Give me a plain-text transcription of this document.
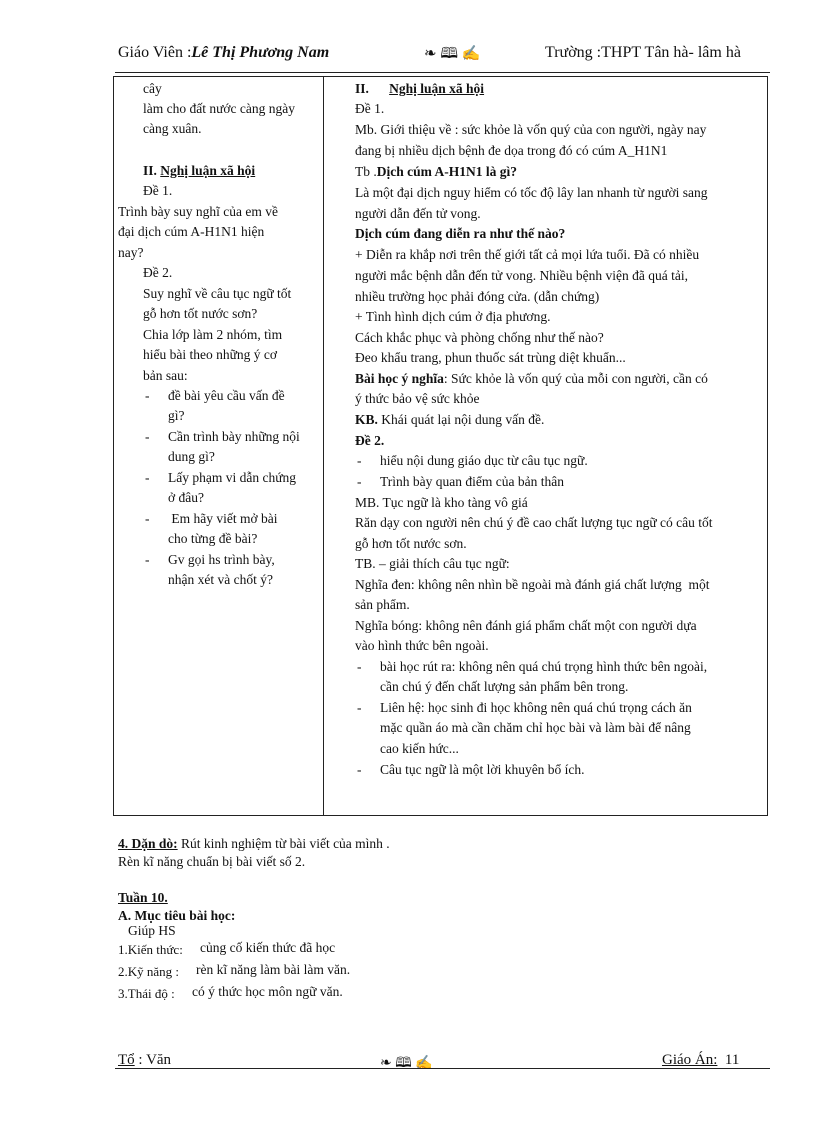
Giáo Viên :Lê Thị Phương Nam	❧ 🕮 ✍	Trường :THPT Tân hà- lâm hà
cây
làm cho đất nước càng ngày
càng xuân.
II. Nghị luận xã hội
Đề 1.
Trình bày suy nghĩ của em về
đại dịch cúm A-H1N1 hiện
nay?
Đề 2.
Suy nghĩ về câu tục ngữ tốt
gỗ hơn tốt nước sơn?
Chia lớp làm 2 nhóm, tìm
hiểu bài theo những ý cơ
bản sau:
- đề bài yêu cầu vấn đề
gì?
- Cần trình bày những nội
dung gì?
- Lấy phạm vi dẫn chứng
ở đâu?
- Em hãy viết mở bài
cho từng đề bài?
- Gv gọi hs trình bày,
nhận xét và chốt ý?
II. Nghị luận xã hội
Đề 1.
Mb. Giới thiệu về : sức khỏe là vốn quý của con người, ngày nay
đang bị nhiều dịch bệnh đe dọa trong đó có cúm A_H1N1
Tb .Dịch cúm A-H1N1 là gì?
Là một đại dịch nguy hiểm có tốc độ lây lan nhanh từ người sang
người dẫn đến tử vong.
Dịch cúm đang diễn ra như thế nào?
+ Diễn ra khắp nơi trên thế giới tất cả mọi lứa tuổi. Đã có nhiều
người mắc bệnh dẫn đến tử vong. Nhiều bệnh viện đã quá tải,
nhiều trường học phải đóng cửa. (dẫn chứng)
+ Tình hình dịch cúm ở địa phương.
Cách khắc phục và phòng chống như thế nào?
Đeo khẩu trang, phun thuốc sát trùng diệt khuẩn...
Bài học ý nghĩa: Sức khỏe là vốn quý của mỗi con người, cần có
ý thức bảo vệ sức khỏe
KB. Khái quát lại nội dung vấn đề.
Đề 2.
- hiểu nội dung giáo dục từ câu tục ngữ.
- Trình bày quan điểm của bản thân
MB. Tục ngữ là kho tàng vô giá
Răn dạy con người nên chú ý đề cao chất lượng tục ngữ có câu tốt
gỗ hơn tốt nước sơn.
TB. – giải thích câu tục ngữ:
Nghĩa đen: không nên nhìn bề ngoài mà đánh giá chất lượng  một
sản phẩm.
Nghĩa bóng: không nên đánh giá phẩm chất một con người dựa
vào hình thức bên ngoài.
- bài học rút ra: không nên quá chú trọng hình thức bên ngoài,
cần chú ý đến chất lượng sản phẩm bên trong.
- Liên hệ: học sinh đi học không nên quá chú trọng cách ăn
mặc quần áo mà cần chăm chỉ học bài và làm bài để nâng
cao kiến hức...
- Câu tục ngữ là một lời khuyên bổ ích.
4. Dặn dò: Rút kinh nghiệm từ bài viết của mình .
Rèn kĩ năng chuẩn bị bài viết số 2.
Tuần 10.
A. Mục tiêu bài học:
Giúp HS
1.Kiến thức: củng cố kiến thức đã học
2.Kỹ năng : rèn kĩ năng làm bài làm văn.
3.Thái độ : có ý thức học môn ngữ văn.
Tổ : Văn	❧ 🕮 ✍	Giáo Án: 11
